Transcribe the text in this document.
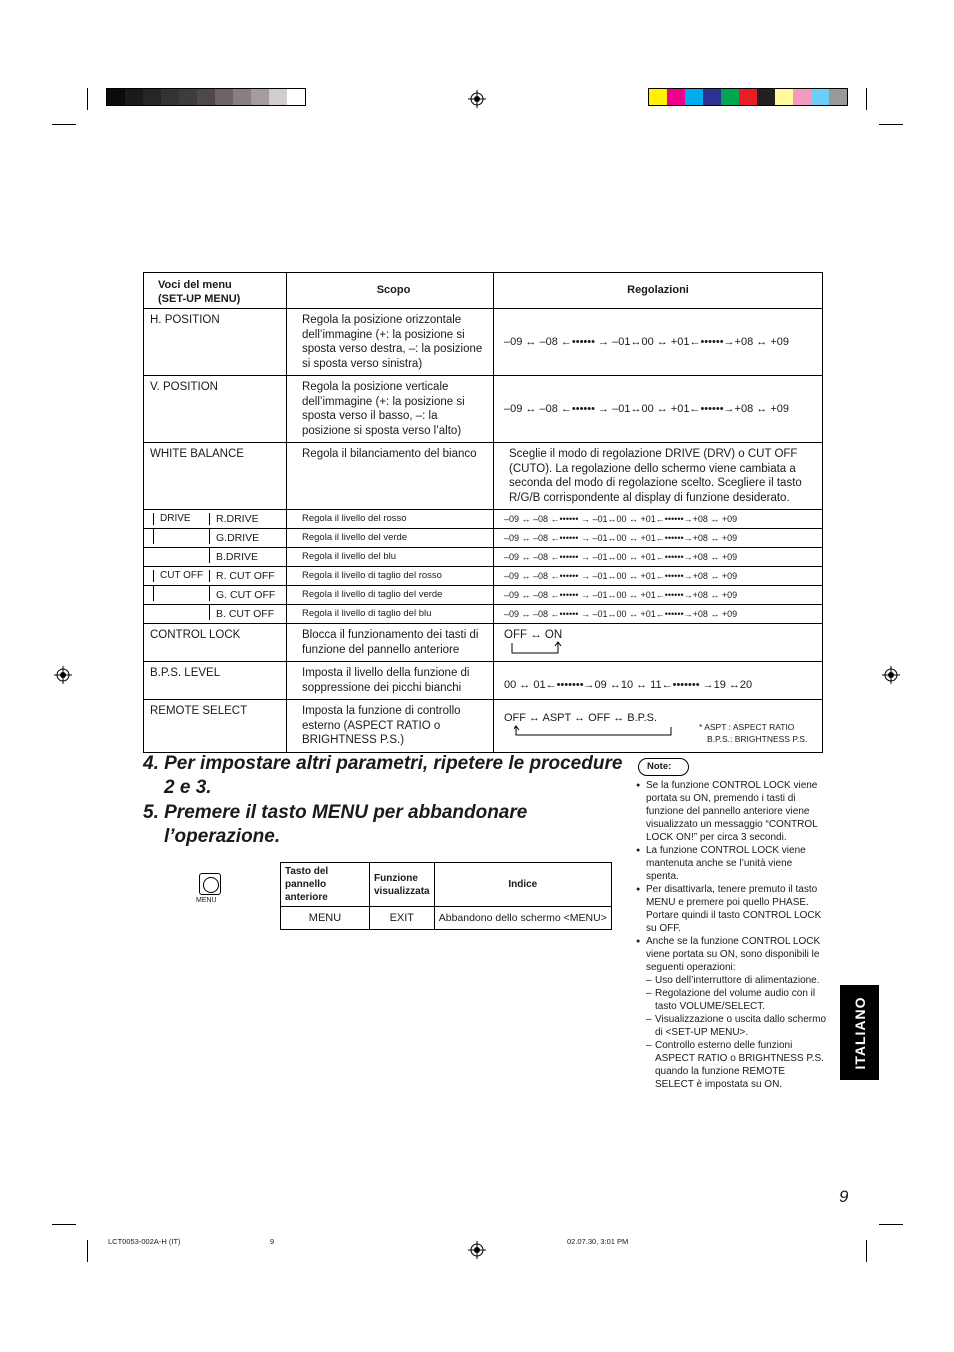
Voci del menu
(SET-UP MENU)	Scopo	Regolazioni
H. POSITION	Regola la posizione orizzontale dell’immagine (+: la posizione si sposta verso destra, –: la posizione si sposta verso sinistra)	–09 ↔ –08 ←•••••• → –01↔00 ↔ +01←••••••→+08 ↔ +09
V. POSITION	Regola la posizione verticale dell’immagine (+: la posizione si sposta verso il basso, –: la posizione si sposta verso l’alto)	–09 ↔ –08 ←•••••• → –01↔00 ↔ +01←••••••→+08 ↔ +09
WHITE BALANCE	Regola il bilanciamento del bianco	Sceglie il modo di regolazione DRIVE (DRV) o CUT OFF (CUTO). La regolazione dello schermo viene cambiata a seconda del modo di regolazione scelto. Scegliere il tasto R/G/B corrispondente al display di funzione desiderato.

DRIVE R.DRIVE	Regola il livello del rosso	–09 ↔ –08 ←•••••• → –01↔00 ↔ +01←••••••→+08 ↔ +09

G.DRIVE	Regola il livello del verde	–09 ↔ –08 ←•••••• → –01↔00 ↔ +01←••••••→+08 ↔ +09

B.DRIVE	Regola il livello del blu	–09 ↔ –08 ←•••••• → –01↔00 ↔ +01←••••••→+08 ↔ +09

CUT OFF R. CUT OFF	Regola il livello di taglio del rosso	–09 ↔ –08 ←•••••• → –01↔00 ↔ +01←••••••→+08 ↔ +09

G. CUT OFF	Regola il livello di taglio del verde	–09 ↔ –08 ←•••••• → –01↔00 ↔ +01←••••••→+08 ↔ +09

B. CUT OFF	Regola il livello di taglio del blu	–09 ↔ –08 ←•••••• → –01↔00 ↔ +01←••••••→+08 ↔ +09
CONTROL LOCK	Blocca il funzionamento dei tasti di funzione del pannello anteriore	OFF ↔ ON

B.P.S. LEVEL	Imposta il livello della funzione di soppressione dei picchi bianchi	00 ↔ 01←•••••••→09 ↔10 ↔ 11←••••••• →19 ↔20
REMOTE SELECT	Imposta la funzione di controllo esterno (ASPECT RATIO o BRIGHTNESS P.S.)	OFF ↔ ASPT ↔ OFF ↔ B.P.S.
* ASPT : ASPECT RATIO
B.P.S.: BRIGHTNESS P.S.
4. Per impostare altri parametri, ripetere le procedure
2 e 3.
5. Premere il tasto MENU per abbandonare
l’operazione.
MENU
Tasto del pannello anteriore	Funzione visualizzata	Indice
MENU	EXIT	Abbandono dello schermo <MENU>
Note:
● Se la funzione CONTROL LOCK viene portata su ON, premendo i tasti di funzione del pannello anteriore viene visualizzato un messaggio “CONTROL LOCK ON!” per circa 3 secondi.
● La funzione CONTROL LOCK viene mantenuta anche se l’unità viene spenta.
● Per disattivarla, tenere premuto il tasto MENU e premere poi quello PHASE. Portare quindi il tasto CONTROL LOCK su OFF.
● Anche se la funzione CONTROL LOCK viene portata su ON, sono disponibili le seguenti operazioni:
– Uso dell’interruttore di alimentazione.
– Regolazione del volume audio con il tasto VOLUME/SELECT.
– Visualizzazione o uscita dallo schermo di <SET-UP MENU>.
– Controllo esterno delle funzioni ASPECT RATIO o BRIGHTNESS P.S. quando la funzione REMOTE SELECT è impostata su ON.
ITALIANO
9
LCT0053-002A-H (IT)	9	02.07.30, 3:01 PM
